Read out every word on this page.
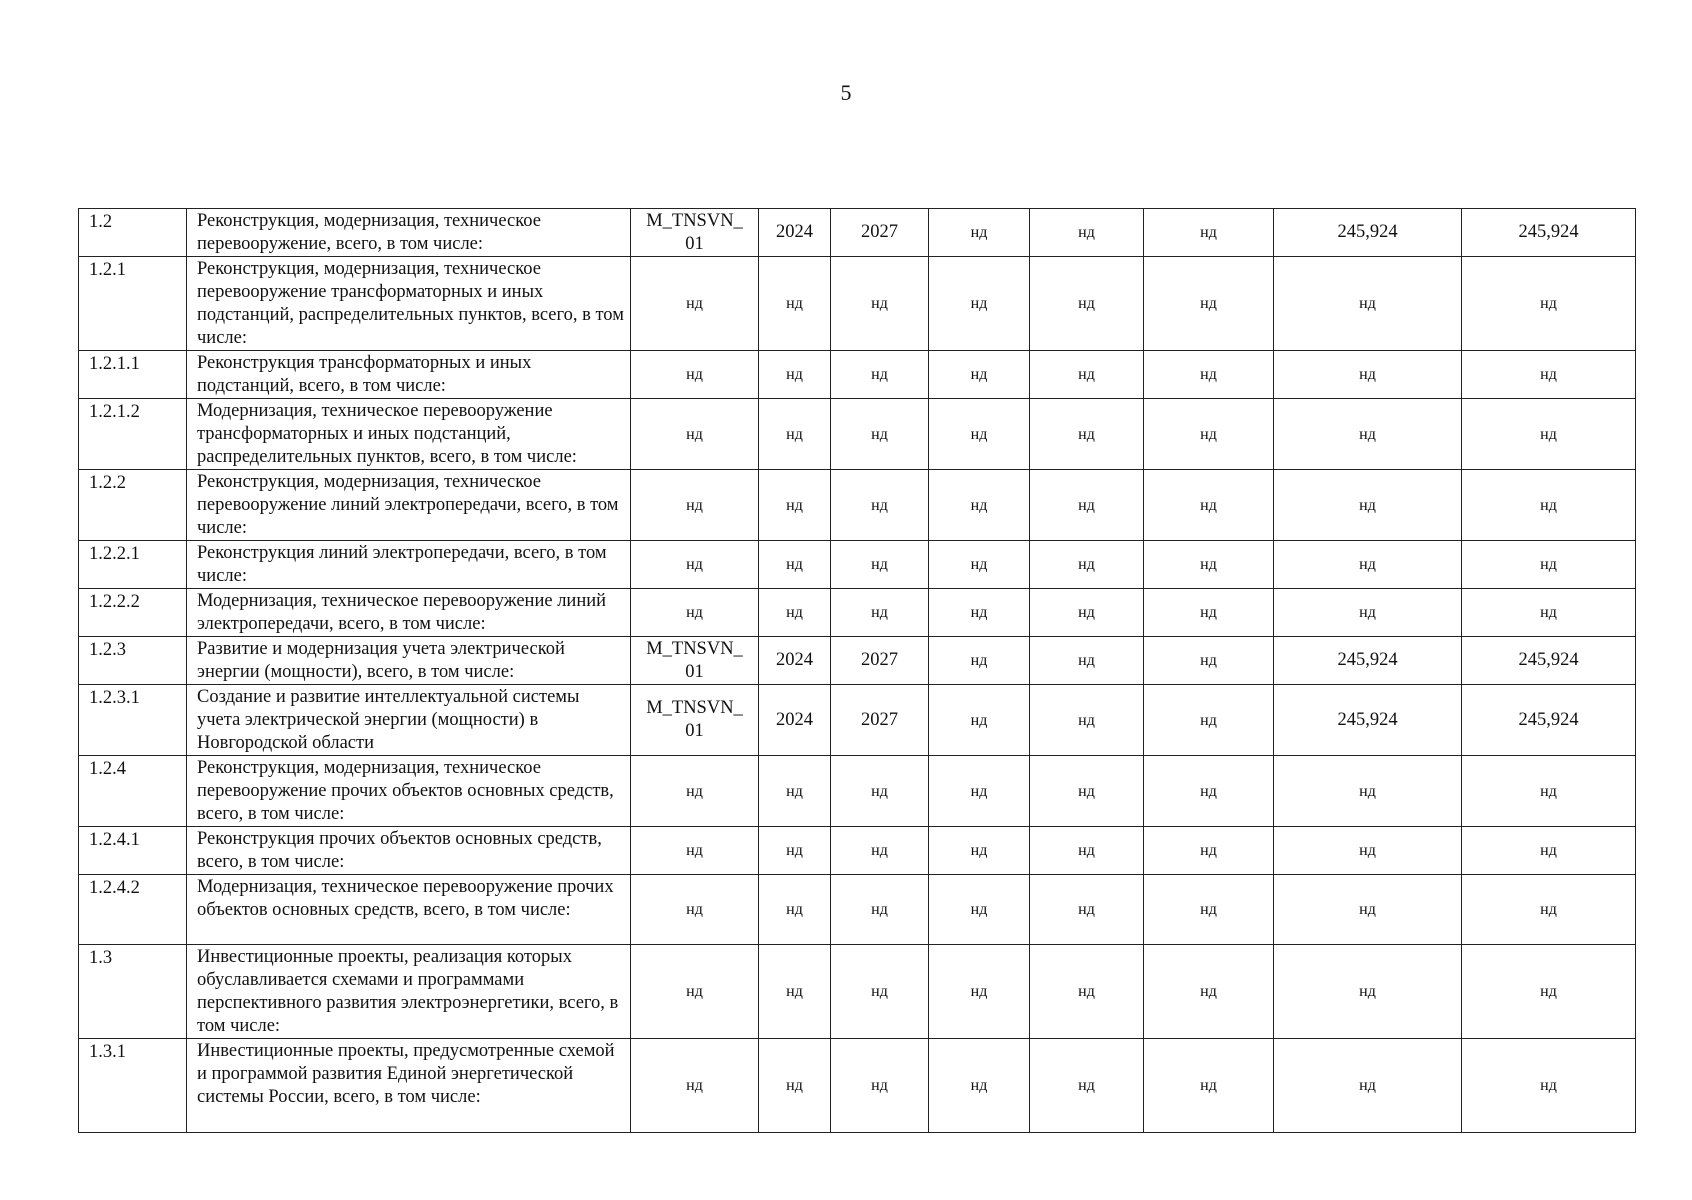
5
1.2	Реконструкция, модернизация, техническое перевооружение, всего, в том числе:	M_TNSVN_ 01	2024	2027	нд	нд	нд	245,924	245,924
1.2.1	Реконструкция, модернизация, техническое перевооружение трансформаторных и иных подстанций, распределительных пунктов, всего, в том числе:	нд	нд	нд	нд	нд	нд	нд	нд
1.2.1.1	Реконструкция трансформаторных и иных подстанций, всего, в том числе:	нд	нд	нд	нд	нд	нд	нд	нд
1.2.1.2	Модернизация, техническое перевооружение трансформаторных и иных подстанций, распределительных пунктов, всего, в том числе:	нд	нд	нд	нд	нд	нд	нд	нд
1.2.2	Реконструкция, модернизация, техническое перевооружение линий электропередачи, всего, в том числе:	нд	нд	нд	нд	нд	нд	нд	нд
1.2.2.1	Реконструкция линий электропередачи, всего, в том числе:	нд	нд	нд	нд	нд	нд	нд	нд
1.2.2.2	Модернизация, техническое перевооружение линий электропередачи, всего, в том числе:	нд	нд	нд	нд	нд	нд	нд	нд
1.2.3	Развитие и модернизация учета электрической энергии (мощности), всего, в том числе:	M_TNSVN_ 01	2024	2027	нд	нд	нд	245,924	245,924
1.2.3.1	Создание и развитие интеллектуальной системы учета электрической энергии (мощности) в Новгородской области	M_TNSVN_ 01	2024	2027	нд	нд	нд	245,924	245,924
1.2.4	Реконструкция, модернизация, техническое перевооружение прочих объектов основных средств, всего, в том числе:	нд	нд	нд	нд	нд	нд	нд	нд
1.2.4.1	Реконструкция прочих объектов основных средств, всего, в том числе:	нд	нд	нд	нд	нд	нд	нд	нд
1.2.4.2	Модернизация, техническое перевооружение прочих объектов основных средств, всего, в том числе:	нд	нд	нд	нд	нд	нд	нд	нд
1.3	Инвестиционные проекты, реализация которых обуславливается схемами и программами перспективного развития электроэнергетики, всего, в том числе:	нд	нд	нд	нд	нд	нд	нд	нд
1.3.1	Инвестиционные проекты, предусмотренные схемой и программой развития Единой энергетической системы России, всего, в том числе:	нд	нд	нд	нд	нд	нд	нд	нд
